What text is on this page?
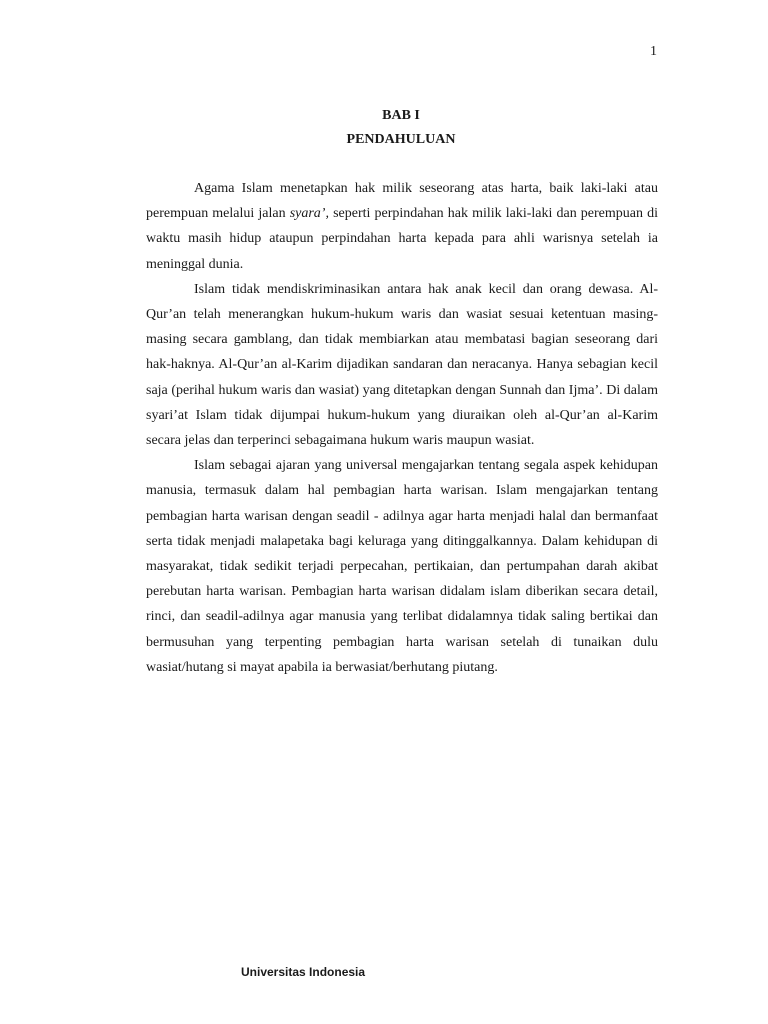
1
BAB I
PENDAHULUAN

Agama Islam menetapkan hak milik seseorang atas harta, baik laki-laki atau perempuan melalui jalan syara’, seperti perpindahan hak milik laki-laki dan perempuan di waktu masih hidup ataupun perpindahan harta kepada para ahli warisnya setelah ia meninggal dunia.

Islam tidak mendiskriminasikan antara hak anak kecil dan orang dewasa. Al-Qur’an telah menerangkan hukum-hukum waris dan wasiat sesuai ketentuan masing-masing secara gamblang, dan tidak membiarkan atau membatasi bagian seseorang dari hak-haknya. Al-Qur’an al-Karim dijadikan sandaran dan neracanya. Hanya sebagian kecil saja (perihal hukum waris dan wasiat) yang ditetapkan dengan Sunnah dan Ijma’. Di dalam syari’at Islam tidak dijumpai hukum-hukum yang diuraikan oleh al-Qur’an al-Karim secara jelas dan terperinci sebagaimana hukum waris maupun wasiat.

Islam sebagai ajaran yang universal mengajarkan tentang segala aspek kehidupan manusia, termasuk dalam hal pembagian harta warisan. Islam mengajarkan tentang pembagian harta warisan dengan seadil - adilnya agar harta menjadi halal dan bermanfaat serta tidak menjadi malapetaka bagi keluraga yang ditinggalkannya. Dalam kehidupan di masyarakat, tidak sedikit terjadi perpecahan, pertikaian, dan pertumpahan darah akibat perebutan harta warisan. Pembagian harta warisan didalam islam diberikan secara detail, rinci, dan seadil-adilnya agar manusia yang terlibat didalamnya tidak saling bertikai dan bermusuhan yang terpenting pembagian harta warisan setelah di tunaikan dulu wasiat/hutang si mayat apabila ia berwasiat/berhutang piutang.

Universitas Indonesia
